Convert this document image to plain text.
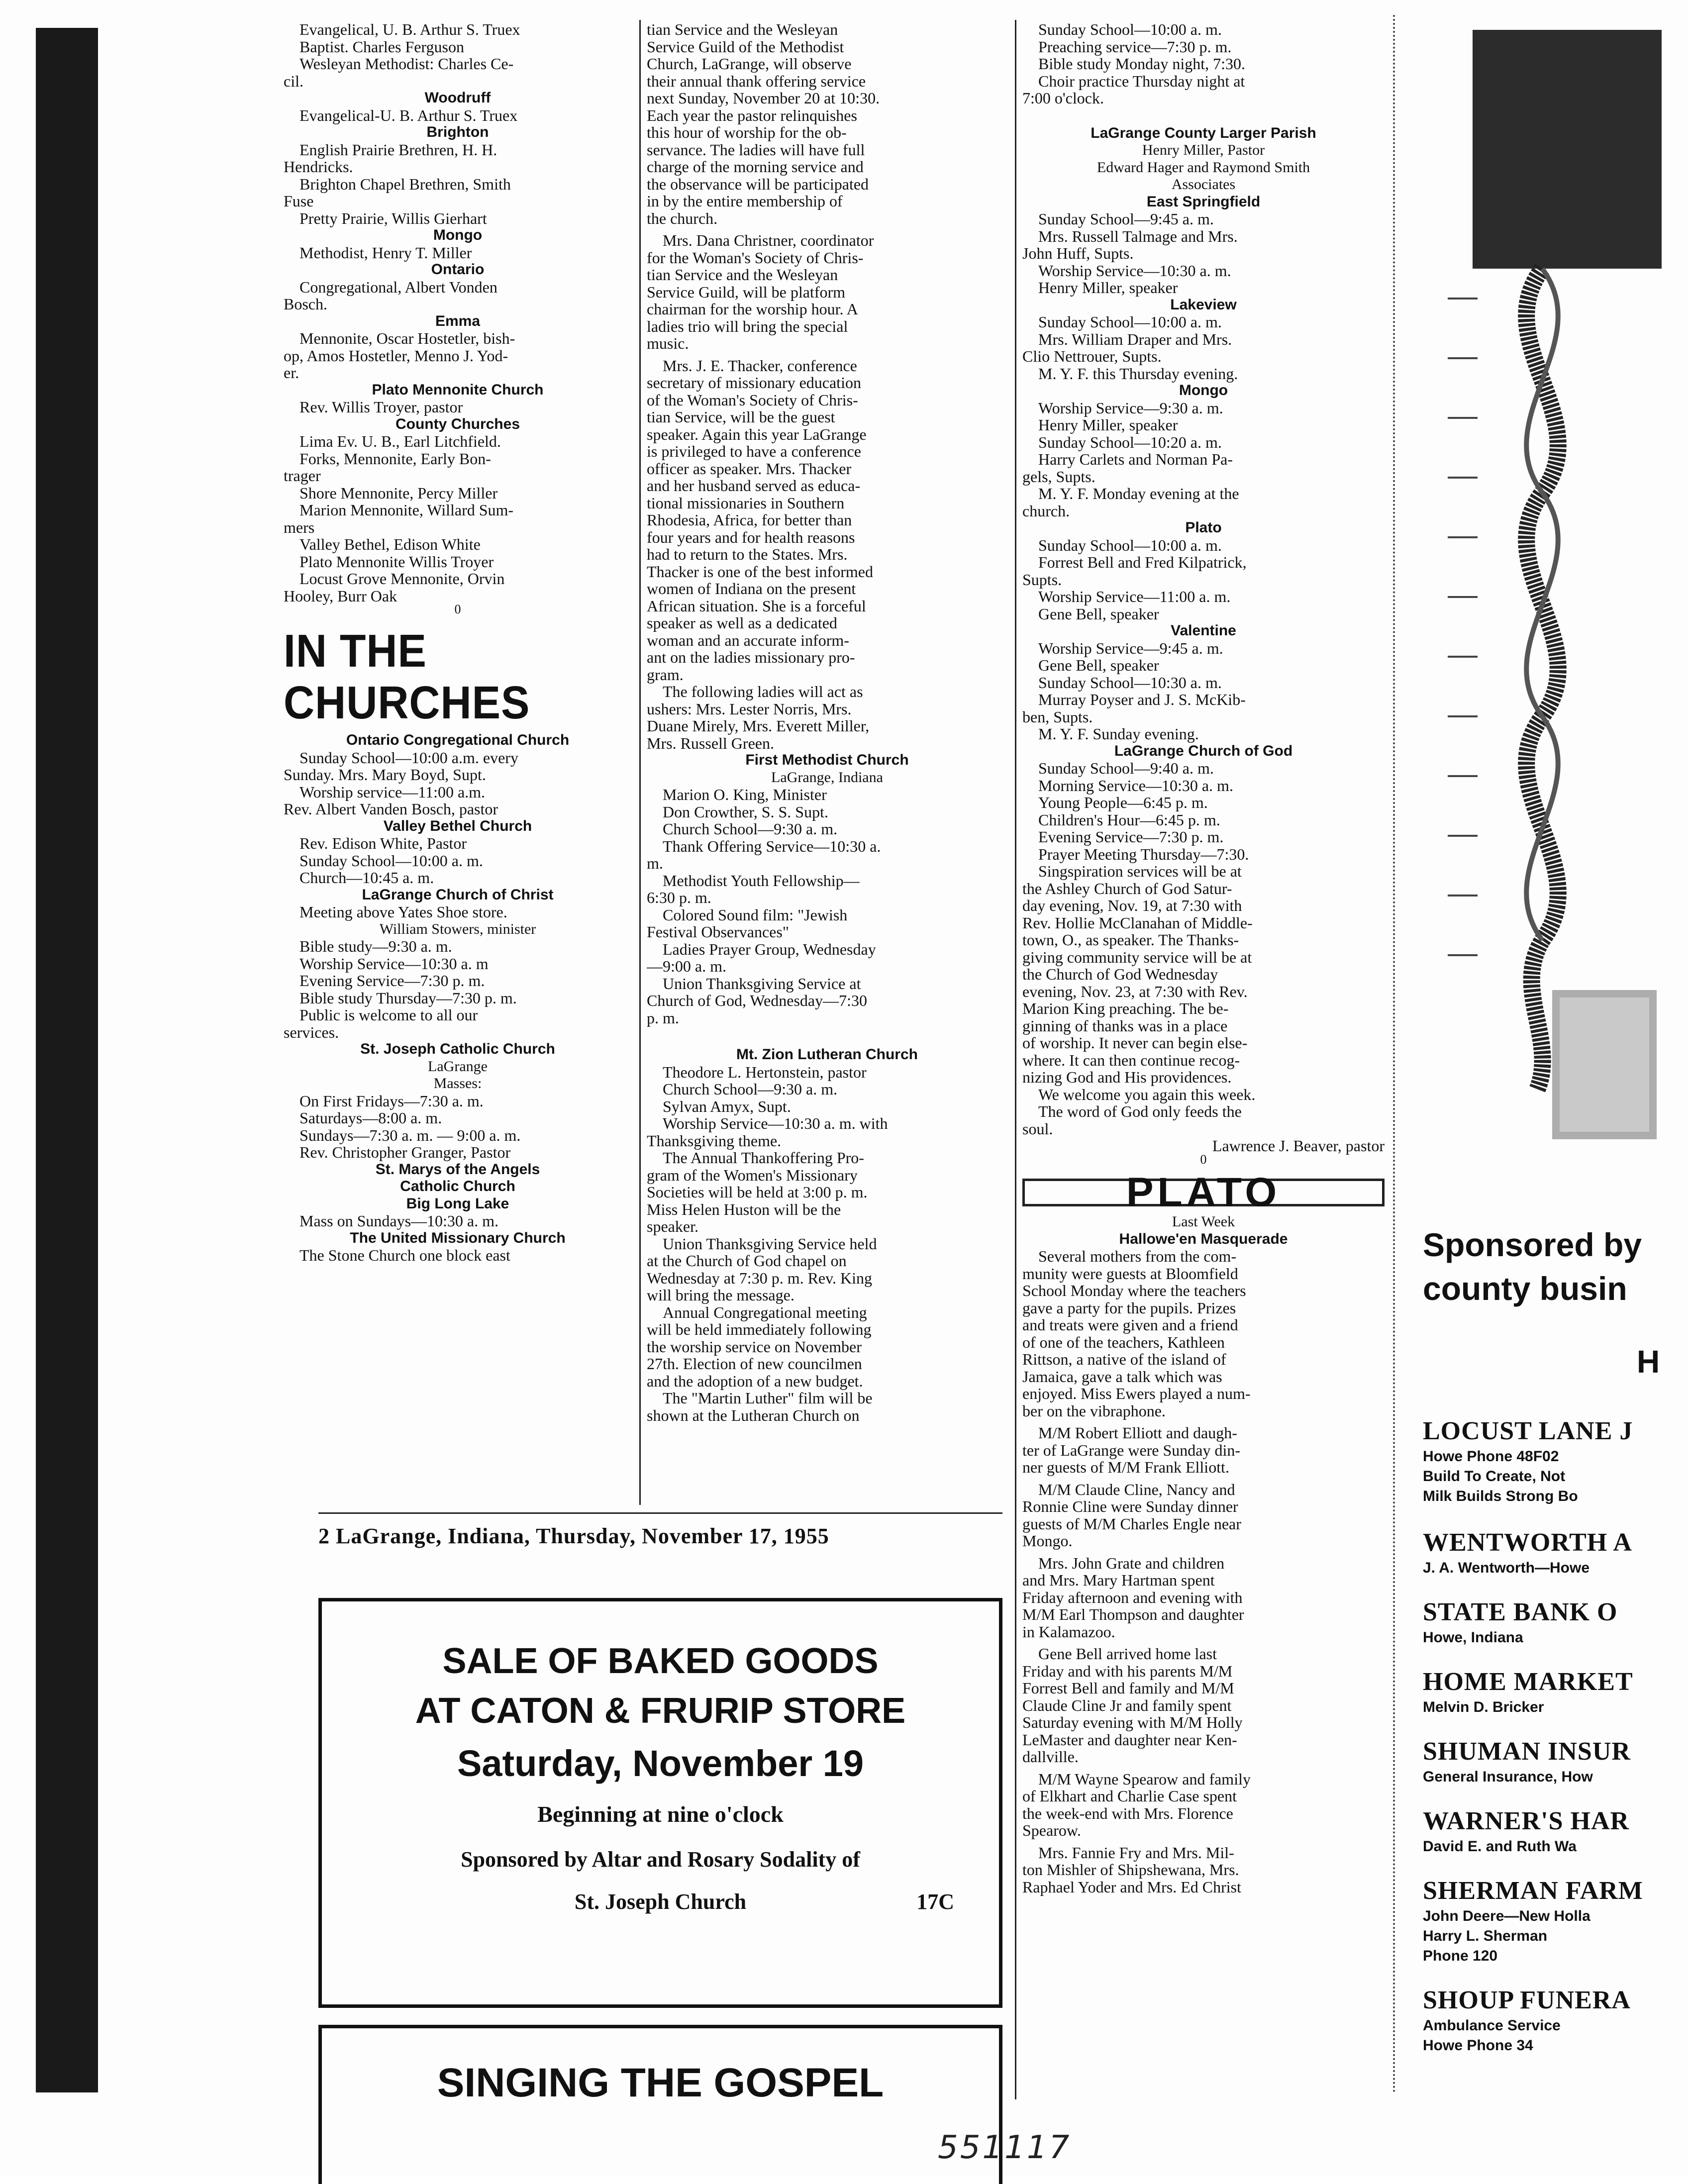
Evangelical, U. B. Arthur S. Truex

Baptist. Charles Ferguson

Wesleyan Methodist: Charles Ce-

cil.

Woodruff

Evangelical-U. B. Arthur S. Truex

Brighton

English Prairie Brethren, H. H.

Hendricks.

Brighton Chapel Brethren, Smith

Fuse

Pretty Prairie, Willis Gierhart

Mongo

Methodist, Henry T. Miller

Ontario

Congregational, Albert Vonden

Bosch.

Emma

Mennonite, Oscar Hostetler, bish-

op, Amos Hostetler, Menno J. Yod-

er.

Plato Mennonite Church

Rev. Willis Troyer, pastor

County Churches

Lima Ev. U. B., Earl Litchfield.

Forks, Mennonite, Early Bon-

trager

Shore Mennonite, Percy Miller

Marion Mennonite, Willard Sum-

mers

Valley Bethel, Edison White

Plato Mennonite Willis Troyer

Locust Grove Mennonite, Orvin

Hooley, Burr Oak

0

IN THE CHURCHES

Ontario Congregational Church

Sunday School—10:00 a.m. every

Sunday. Mrs. Mary Boyd, Supt.

Worship service—11:00 a.m.

Rev. Albert Vanden Bosch, pastor

Valley Bethel Church

Rev. Edison White, Pastor

Sunday School—10:00 a. m.

Church—10:45 a. m.

LaGrange Church of Christ

Meeting above Yates Shoe store.

William Stowers, minister

Bible study—9:30 a. m.

Worship Service—10:30 a. m

Evening Service—7:30 p. m.

Bible study Thursday—7:30 p. m.

Public is welcome to all our

services.

St. Joseph Catholic Church

LaGrange

Masses:

On First Fridays—7:30 a. m.

Saturdays—8:00 a. m.

Sundays—7:30 a. m. — 9:00 a. m.

Rev. Christopher Granger, Pastor

St. Marys of the Angels

Catholic Church

Big Long Lake

Mass on Sundays—10:30 a. m.

The United Missionary Church

The Stone Church one block east

tian Service and the Wesleyan

Service Guild of the Methodist

Church, LaGrange, will observe

their annual thank offering service

next Sunday, November 20 at 10:30.

Each year the pastor relinquishes

this hour of worship for the ob-

servance. The ladies will have full

charge of the morning service and

the observance will be participated

in by the entire membership of

the church.

Mrs. Dana Christner, coordinator

for the Woman's Society of Chris-

tian Service and the Wesleyan

Service Guild, will be platform

chairman for the worship hour. A

ladies trio will bring the special

music.

Mrs. J. E. Thacker, conference

secretary of missionary education

of the Woman's Society of Chris-

tian Service, will be the guest

speaker. Again this year LaGrange

is privileged to have a conference

officer as speaker. Mrs. Thacker

and her husband served as educa-

tional missionaries in Southern

Rhodesia, Africa, for better than

four years and for health reasons

had to return to the States. Mrs.

Thacker is one of the best informed

women of Indiana on the present

African situation. She is a forceful

speaker as well as a dedicated

woman and an accurate inform-

ant on the ladies missionary pro-

gram.

The following ladies will act as

ushers: Mrs. Lester Norris, Mrs.

Duane Mirely, Mrs. Everett Miller,

Mrs. Russell Green.

First Methodist Church

LaGrange, Indiana

Marion O. King, Minister

Don Crowther, S. S. Supt.

Church School—9:30 a. m.

Thank Offering Service—10:30 a.

m.

Methodist Youth Fellowship—

6:30 p. m.

Colored Sound film: "Jewish

Festival Observances"

Ladies Prayer Group, Wednesday

—9:00 a. m.

Union Thanksgiving Service at

Church of God, Wednesday—7:30

p. m.

Mt. Zion Lutheran Church

Theodore L. Hertonstein, pastor

Church School—9:30 a. m.

Sylvan Amyx, Supt.

Worship Service—10:30 a. m. with

Thanksgiving theme.

The Annual Thankoffering Pro-

gram of the Women's Missionary

Societies will be held at 3:00 p. m.

Miss Helen Huston will be the

speaker.

Union Thanksgiving Service held

at the Church of God chapel on

Wednesday at 7:30 p. m. Rev. King

will bring the message.

Annual Congregational meeting

will be held immediately following

the worship service on November

27th. Election of new councilmen

and the adoption of a new budget.

The "Martin Luther" film will be

shown at the Lutheran Church on

Sunday School—10:00 a. m.

Preaching service—7:30 p. m.

Bible study Monday night, 7:30.

Choir practice Thursday night at

7:00 o'clock.

LaGrange County Larger Parish

Henry Miller, Pastor

Edward Hager and Raymond Smith

Associates

East Springfield

Sunday School—9:45 a. m.

Mrs. Russell Talmage and Mrs.

John Huff, Supts.

Worship Service—10:30 a. m.

Henry Miller, speaker

Lakeview

Sunday School—10:00 a. m.

Mrs. William Draper and Mrs.

Clio Nettrouer, Supts.

M. Y. F. this Thursday evening.

Mongo

Worship Service—9:30 a. m.

Henry Miller, speaker

Sunday School—10:20 a. m.

Harry Carlets and Norman Pa-

gels, Supts.

M. Y. F. Monday evening at the

church.

Plato

Sunday School—10:00 a. m.

Forrest Bell and Fred Kilpatrick,

Supts.

Worship Service—11:00 a. m.

Gene Bell, speaker

Valentine

Worship Service—9:45 a. m.

Gene Bell, speaker

Sunday School—10:30 a. m.

Murray Poyser and J. S. McKib-

ben, Supts.

M. Y. F. Sunday evening.

LaGrange Church of God

Sunday School—9:40 a. m.

Morning Service—10:30 a. m.

Young People—6:45 p. m.

Children's Hour—6:45 p. m.

Evening Service—7:30 p. m.

Prayer Meeting Thursday—7:30.

Singspiration services will be at

the Ashley Church of God Satur-

day evening, Nov. 19, at 7:30 with

Rev. Hollie McClanahan of Middle-

town, O., as speaker. The Thanks-

giving community service will be at

the Church of God Wednesday

evening, Nov. 23, at 7:30 with Rev.

Marion King preaching. The be-

ginning of thanks was in a place

of worship. It never can begin else-

where. It can then continue recog-

nizing God and His providences.

We welcome you again this week.

The word of God only feeds the

soul.

Lawrence J. Beaver, pastor

0

PLATO

Last Week

Hallowe'en Masquerade

Several mothers from the com-

munity were guests at Bloomfield

School Monday where the teachers

gave a party for the pupils. Prizes

and treats were given and a friend

of one of the teachers, Kathleen

Rittson, a native of the island of

Jamaica, gave a talk which was

enjoyed. Miss Ewers played a num-

ber on the vibraphone.

M/M Robert Elliott and daugh-

ter of LaGrange were Sunday din-

ner guests of M/M Frank Elliott.

M/M Claude Cline, Nancy and

Ronnie Cline were Sunday dinner

guests of M/M Charles Engle near

Mongo.

Mrs. John Grate and children

and Mrs. Mary Hartman spent

Friday afternoon and evening with

M/M Earl Thompson and daughter

in Kalamazoo.

Gene Bell arrived home last

Friday and with his parents M/M

Forrest Bell and family and M/M

Claude Cline Jr and family spent

Saturday evening with M/M Holly

LeMaster and daughter near Ken-

dallville.

M/M Wayne Spearow and family

of Elkhart and Charlie Case spent

the week-end with Mrs. Florence

Spearow.

Mrs. Fannie Fry and Mrs. Mil-

ton Mishler of Shipshewana, Mrs.

Raphael Yoder and Mrs. Ed Christ

2 LaGrange, Indiana, Thursday, November 17, 1955
SALE OF BAKED GOODS
AT CATON & FRURIP STORE
Saturday, November 19
Beginning at nine o'clock
Sponsored by Altar and Rosary Sodality of
St. Joseph Church	17C
SINGING THE GOSPEL
Sponsored by
county busin
H
LOCUST LANE J
Howe Phone 48F02
Build To Create, Not
Milk Builds Strong Bo
WENTWORTH A
J. A. Wentworth—Howe
STATE BANK O
Howe, Indiana
HOME MARKET
Melvin D. Bricker
SHUMAN INSUR
General Insurance, How
WARNER'S HAR
David E. and Ruth Wa
SHERMAN FARM
John Deere—New Holla
Harry L. Sherman
Phone 120
SHOUP FUNERA
Ambulance Service
Howe Phone 34
551117
